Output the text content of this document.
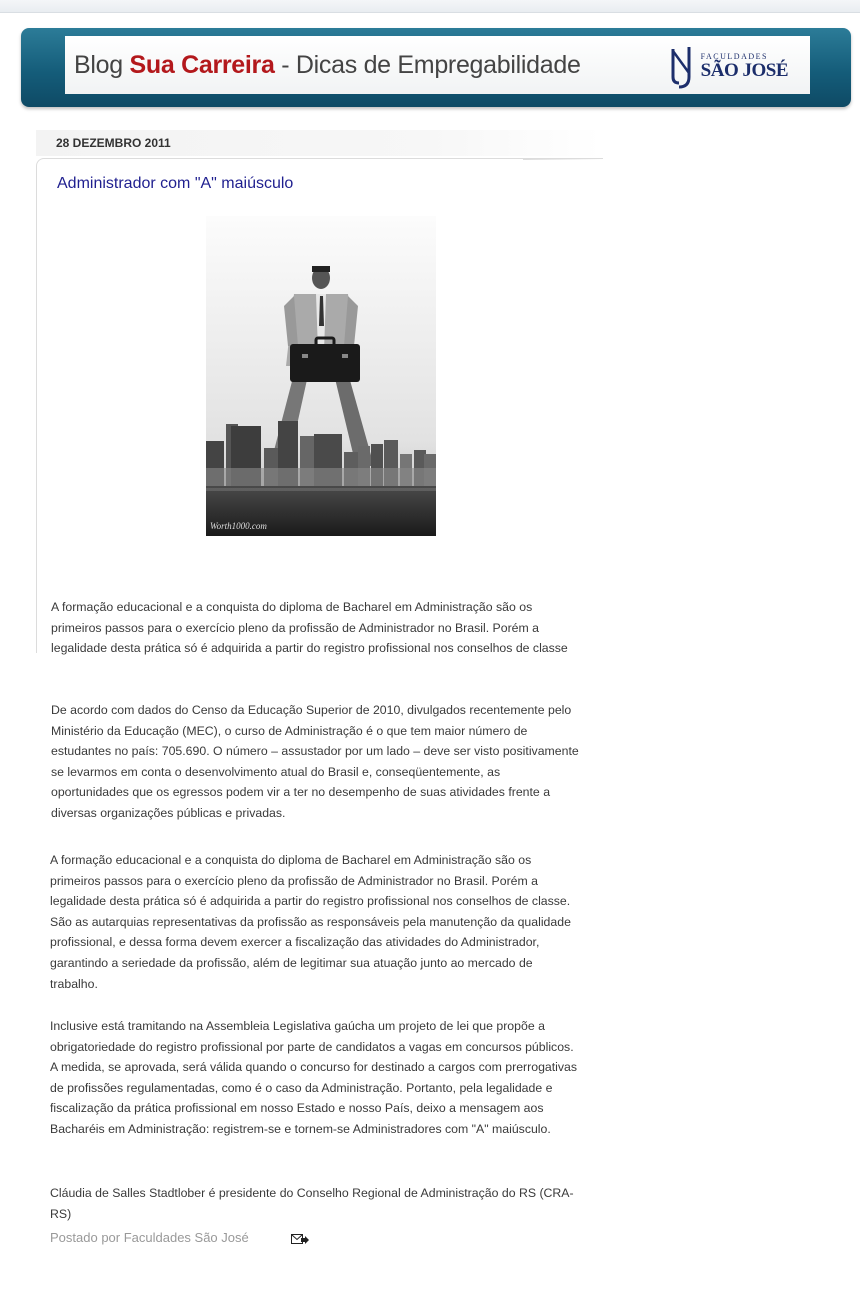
Blog Sua Carreira - Dicas de Empregabilidade	FACULDADES
SÃO JOSÉ
28 DEZEMBRO 2011
Administrador com "A" maiúsculo
Worth1000.com
A formação educacional e a conquista do diploma de Bacharel em Administração são os primeiros passos para o exercício pleno da profissão de Administrador no Brasil. Porém a legalidade desta prática só é adquirida a partir do registro profissional nos conselhos de classe
De acordo com dados do Censo da Educação Superior de 2010, divulgados recentemente pelo Ministério da Educação (MEC), o curso de Administração é o que tem maior número de estudantes no país: 705.690. O número – assustador por um lado – deve ser visto positivamente se levarmos em conta o desenvolvimento atual do Brasil e, conseqüentemente, as oportunidades que os egressos podem vir a ter no desempenho de suas atividades frente a diversas organizações públicas e privadas.
A formação educacional e a conquista do diploma de Bacharel em Administração são os primeiros passos para o exercício pleno da profissão de Administrador no Brasil. Porém a legalidade desta prática só é adquirida a partir do registro profissional nos conselhos de classe. São as autarquias representativas da profissão as responsáveis pela manutenção da qualidade profissional, e dessa forma devem exercer a fiscalização das atividades do Administrador, garantindo a seriedade da profissão, além de legitimar sua atuação junto ao mercado de trabalho.
Inclusive está tramitando na Assembleia Legislativa gaúcha um projeto de lei que propõe a obrigatoriedade do registro profissional por parte de candidatos a vagas em concursos públicos. A medida, se aprovada, será válida quando o concurso for destinado a cargos com prerrogativas de profissões regulamentadas, como é o caso da Administração. Portanto, pela legalidade e fiscalização da prática profissional em nosso Estado e nosso País, deixo a mensagem aos Bacharéis em Administração: registrem-se e tornem-se Administradores com "A" maiúsculo.
Cláudia de Salles Stadtlober é presidente do Conselho Regional de Administração do RS (CRA-RS)
Postado por Faculdades São José
